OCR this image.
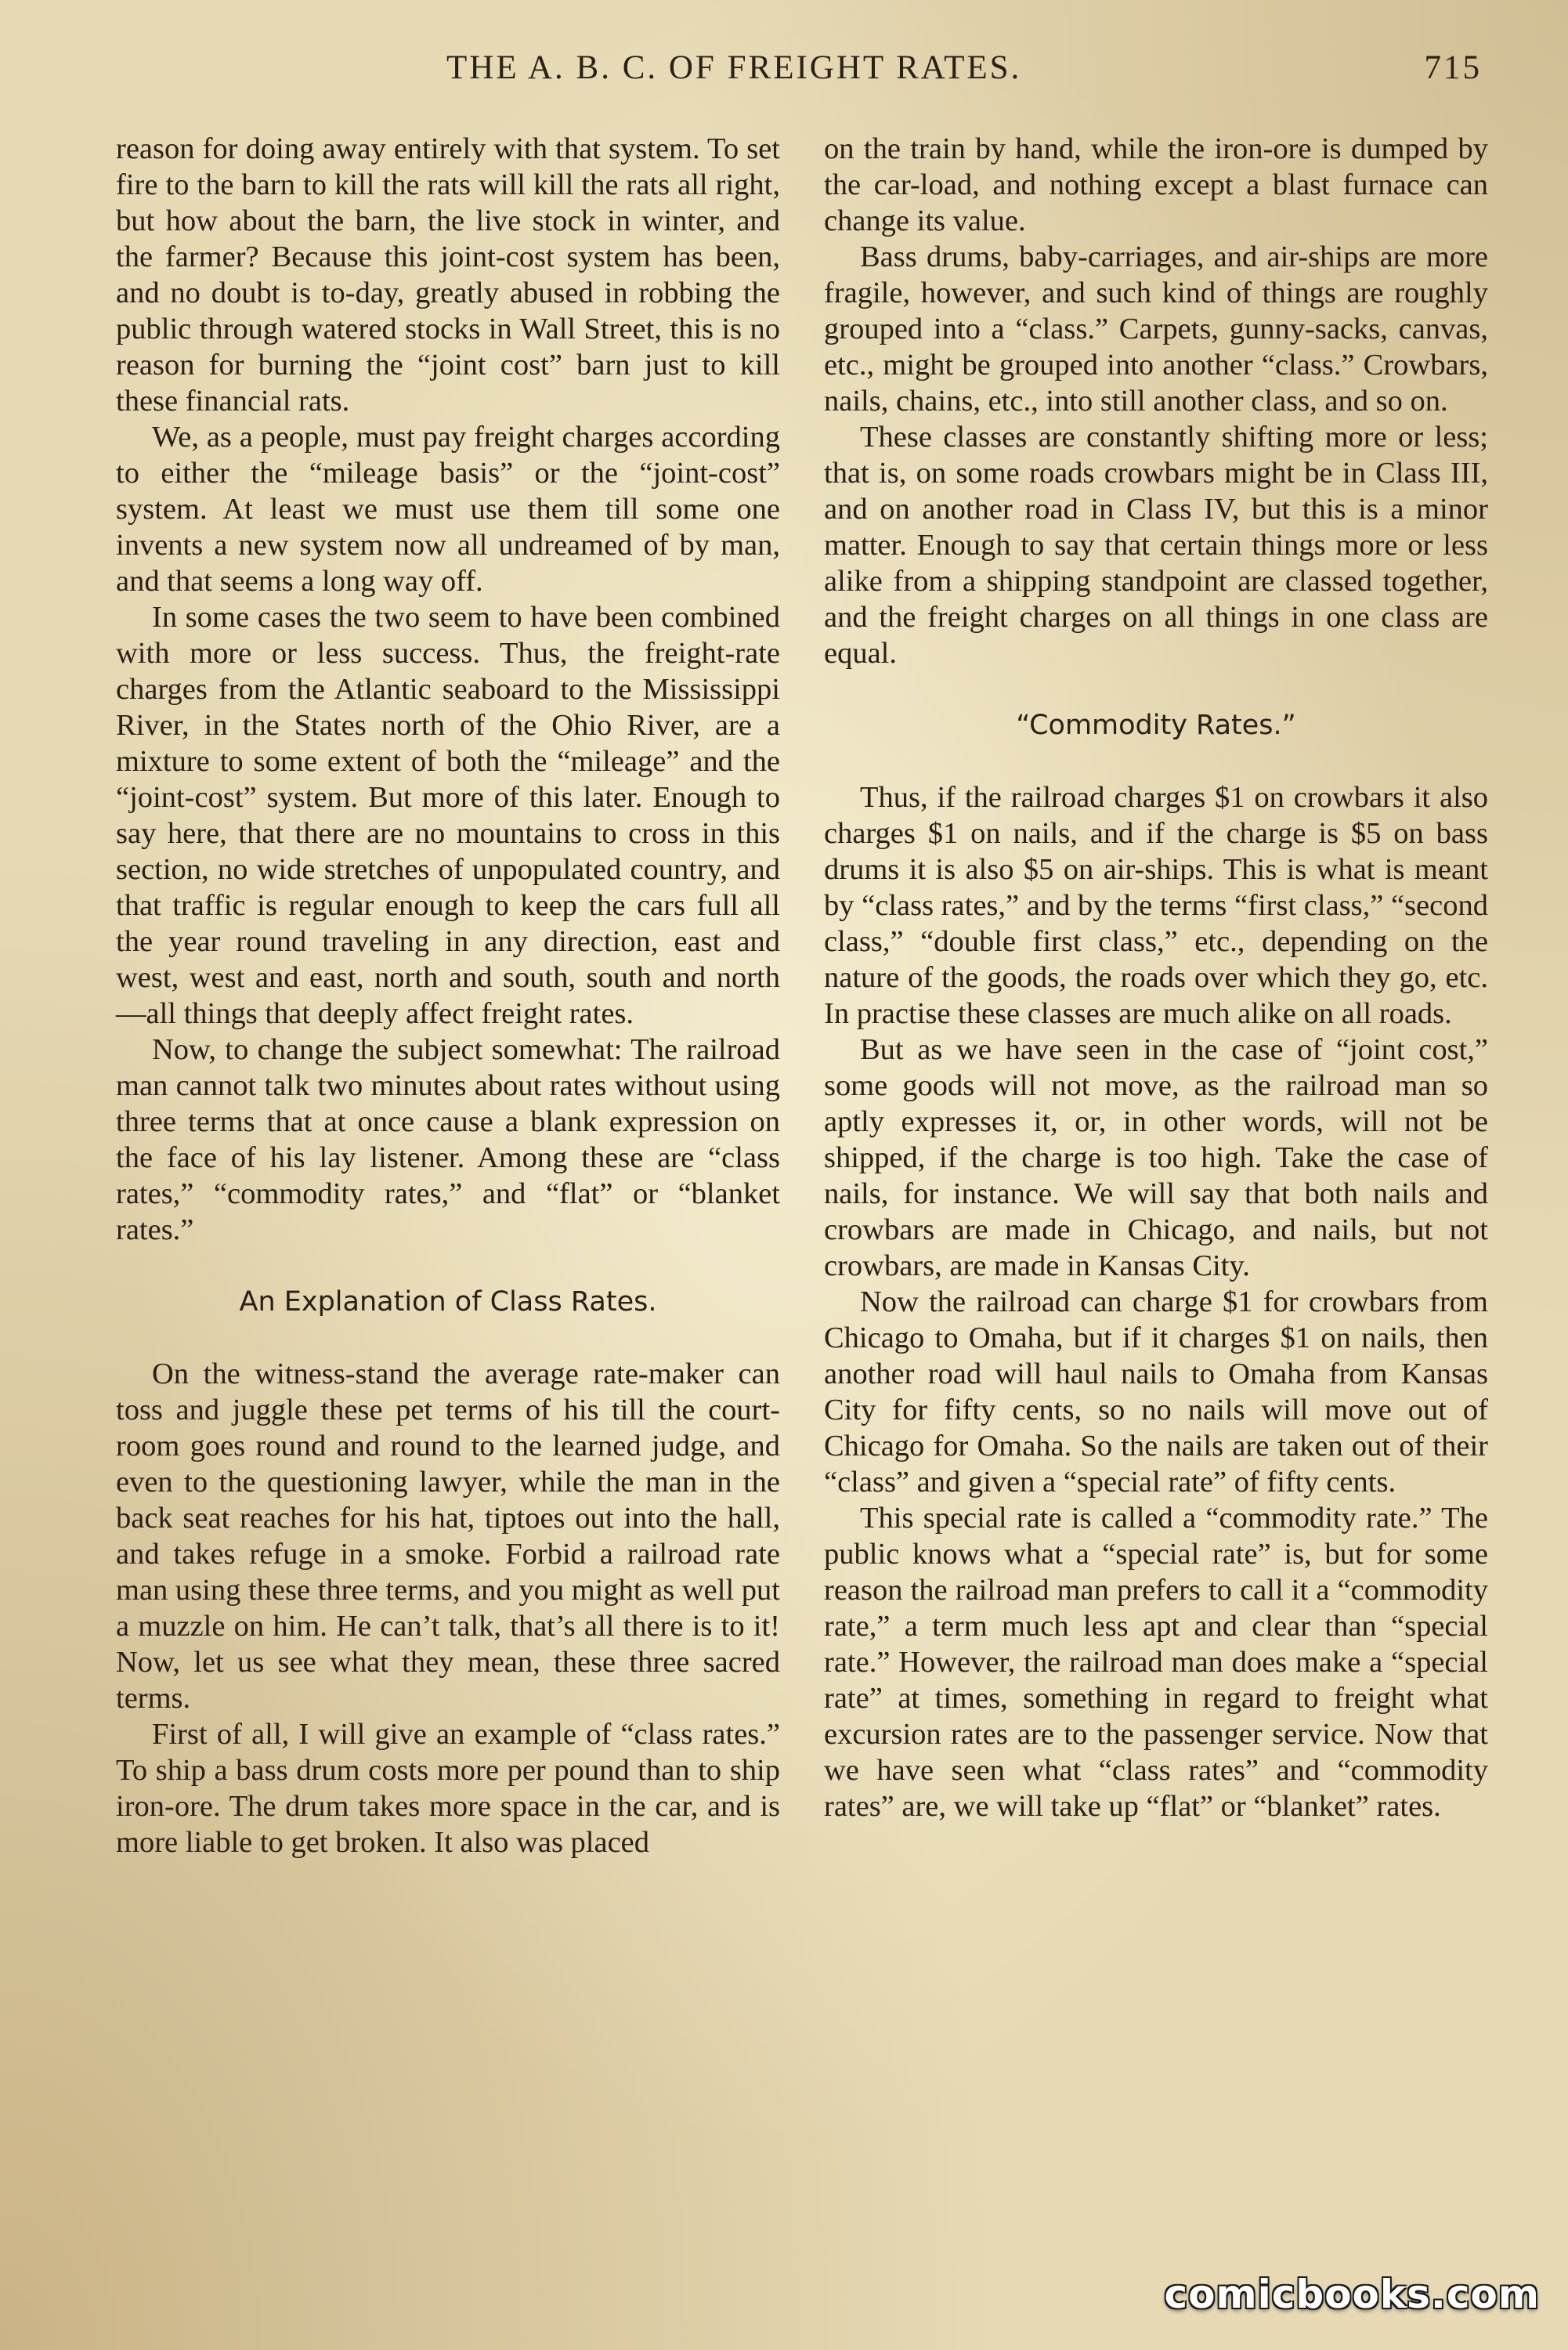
THE A. B. C. OF FREIGHT RATES.	715

reason for doing away entirely with that system. To set fire to the barn to kill the rats will kill the rats all right, but how about the barn, the live stock in winter, and the farmer? Because this joint-cost system has been, and no doubt is to-day, greatly abused in robbing the public through watered stocks in Wall Street, this is no reason for burning the “joint cost” barn just to kill these financial rats.

We, as a people, must pay freight charges according to either the “mileage basis” or the “joint-cost” system. At least we must use them till some one invents a new system now all undreamed of by man, and that seems a long way off.

In some cases the two seem to have been combined with more or less success. Thus, the freight-rate charges from the Atlantic seaboard to the Mississippi River, in the States north of the Ohio River, are a mixture to some extent of both the “mileage” and the “joint-cost” system. But more of this later. Enough to say here, that there are no mountains to cross in this section, no wide stretches of unpopulated country, and that traffic is regular enough to keep the cars full all the year round traveling in any direction, east and west, west and east, north and south, south and north—all things that deeply affect freight rates.

Now, to change the subject somewhat: The railroad man cannot talk two minutes about rates without using three terms that at once cause a blank expression on the face of his lay listener. Among these are “class rates,” “commodity rates,” and “flat” or “blanket rates.”

An Explanation of Class Rates.

On the witness-stand the average rate-maker can toss and juggle these pet terms of his till the court-room goes round and round to the learned judge, and even to the questioning lawyer, while the man in the back seat reaches for his hat, tiptoes out into the hall, and takes refuge in a smoke. Forbid a railroad rate man using these three terms, and you might as well put a muzzle on him. He can’t talk, that’s all there is to it! Now, let us see what they mean, these three sacred terms.

First of all, I will give an example of “class rates.” To ship a bass drum costs more per pound than to ship iron-ore. The drum takes more space in the car, and is more liable to get broken. It also was placed

on the train by hand, while the iron-ore is dumped by the car-load, and nothing except a blast furnace can change its value.

Bass drums, baby-carriages, and air-ships are more fragile, however, and such kind of things are roughly grouped into a “class.” Carpets, gunny-sacks, canvas, etc., might be grouped into another “class.” Crowbars, nails, chains, etc., into still another class, and so on.

These classes are constantly shifting more or less; that is, on some roads crowbars might be in Class III, and on another road in Class IV, but this is a minor matter. Enough to say that certain things more or less alike from a shipping standpoint are classed together, and the freight charges on all things in one class are equal.

“Commodity Rates.”

Thus, if the railroad charges $1 on crowbars it also charges $1 on nails, and if the charge is $5 on bass drums it is also $5 on air-ships. This is what is meant by “class rates,” and by the terms “first class,” “second class,” “double first class,” etc., depending on the nature of the goods, the roads over which they go, etc. In practise these classes are much alike on all roads.

But as we have seen in the case of “joint cost,” some goods will not move, as the railroad man so aptly expresses it, or, in other words, will not be shipped, if the charge is too high. Take the case of nails, for instance. We will say that both nails and crowbars are made in Chicago, and nails, but not crowbars, are made in Kansas City.

Now the railroad can charge $1 for crowbars from Chicago to Omaha, but if it charges $1 on nails, then another road will haul nails to Omaha from Kansas City for fifty cents, so no nails will move out of Chicago for Omaha. So the nails are taken out of their “class” and given a “special rate” of fifty cents.

This special rate is called a “commodity rate.” The public knows what a “special rate” is, but for some reason the railroad man prefers to call it a “commodity rate,” a term much less apt and clear than “special rate.” However, the railroad man does make a “special rate” at times, something in regard to freight what excursion rates are to the passenger service. Now that we have seen what “class rates” and “commodity rates” are, we will take up “flat” or “blanket” rates.

comicbooks.com
